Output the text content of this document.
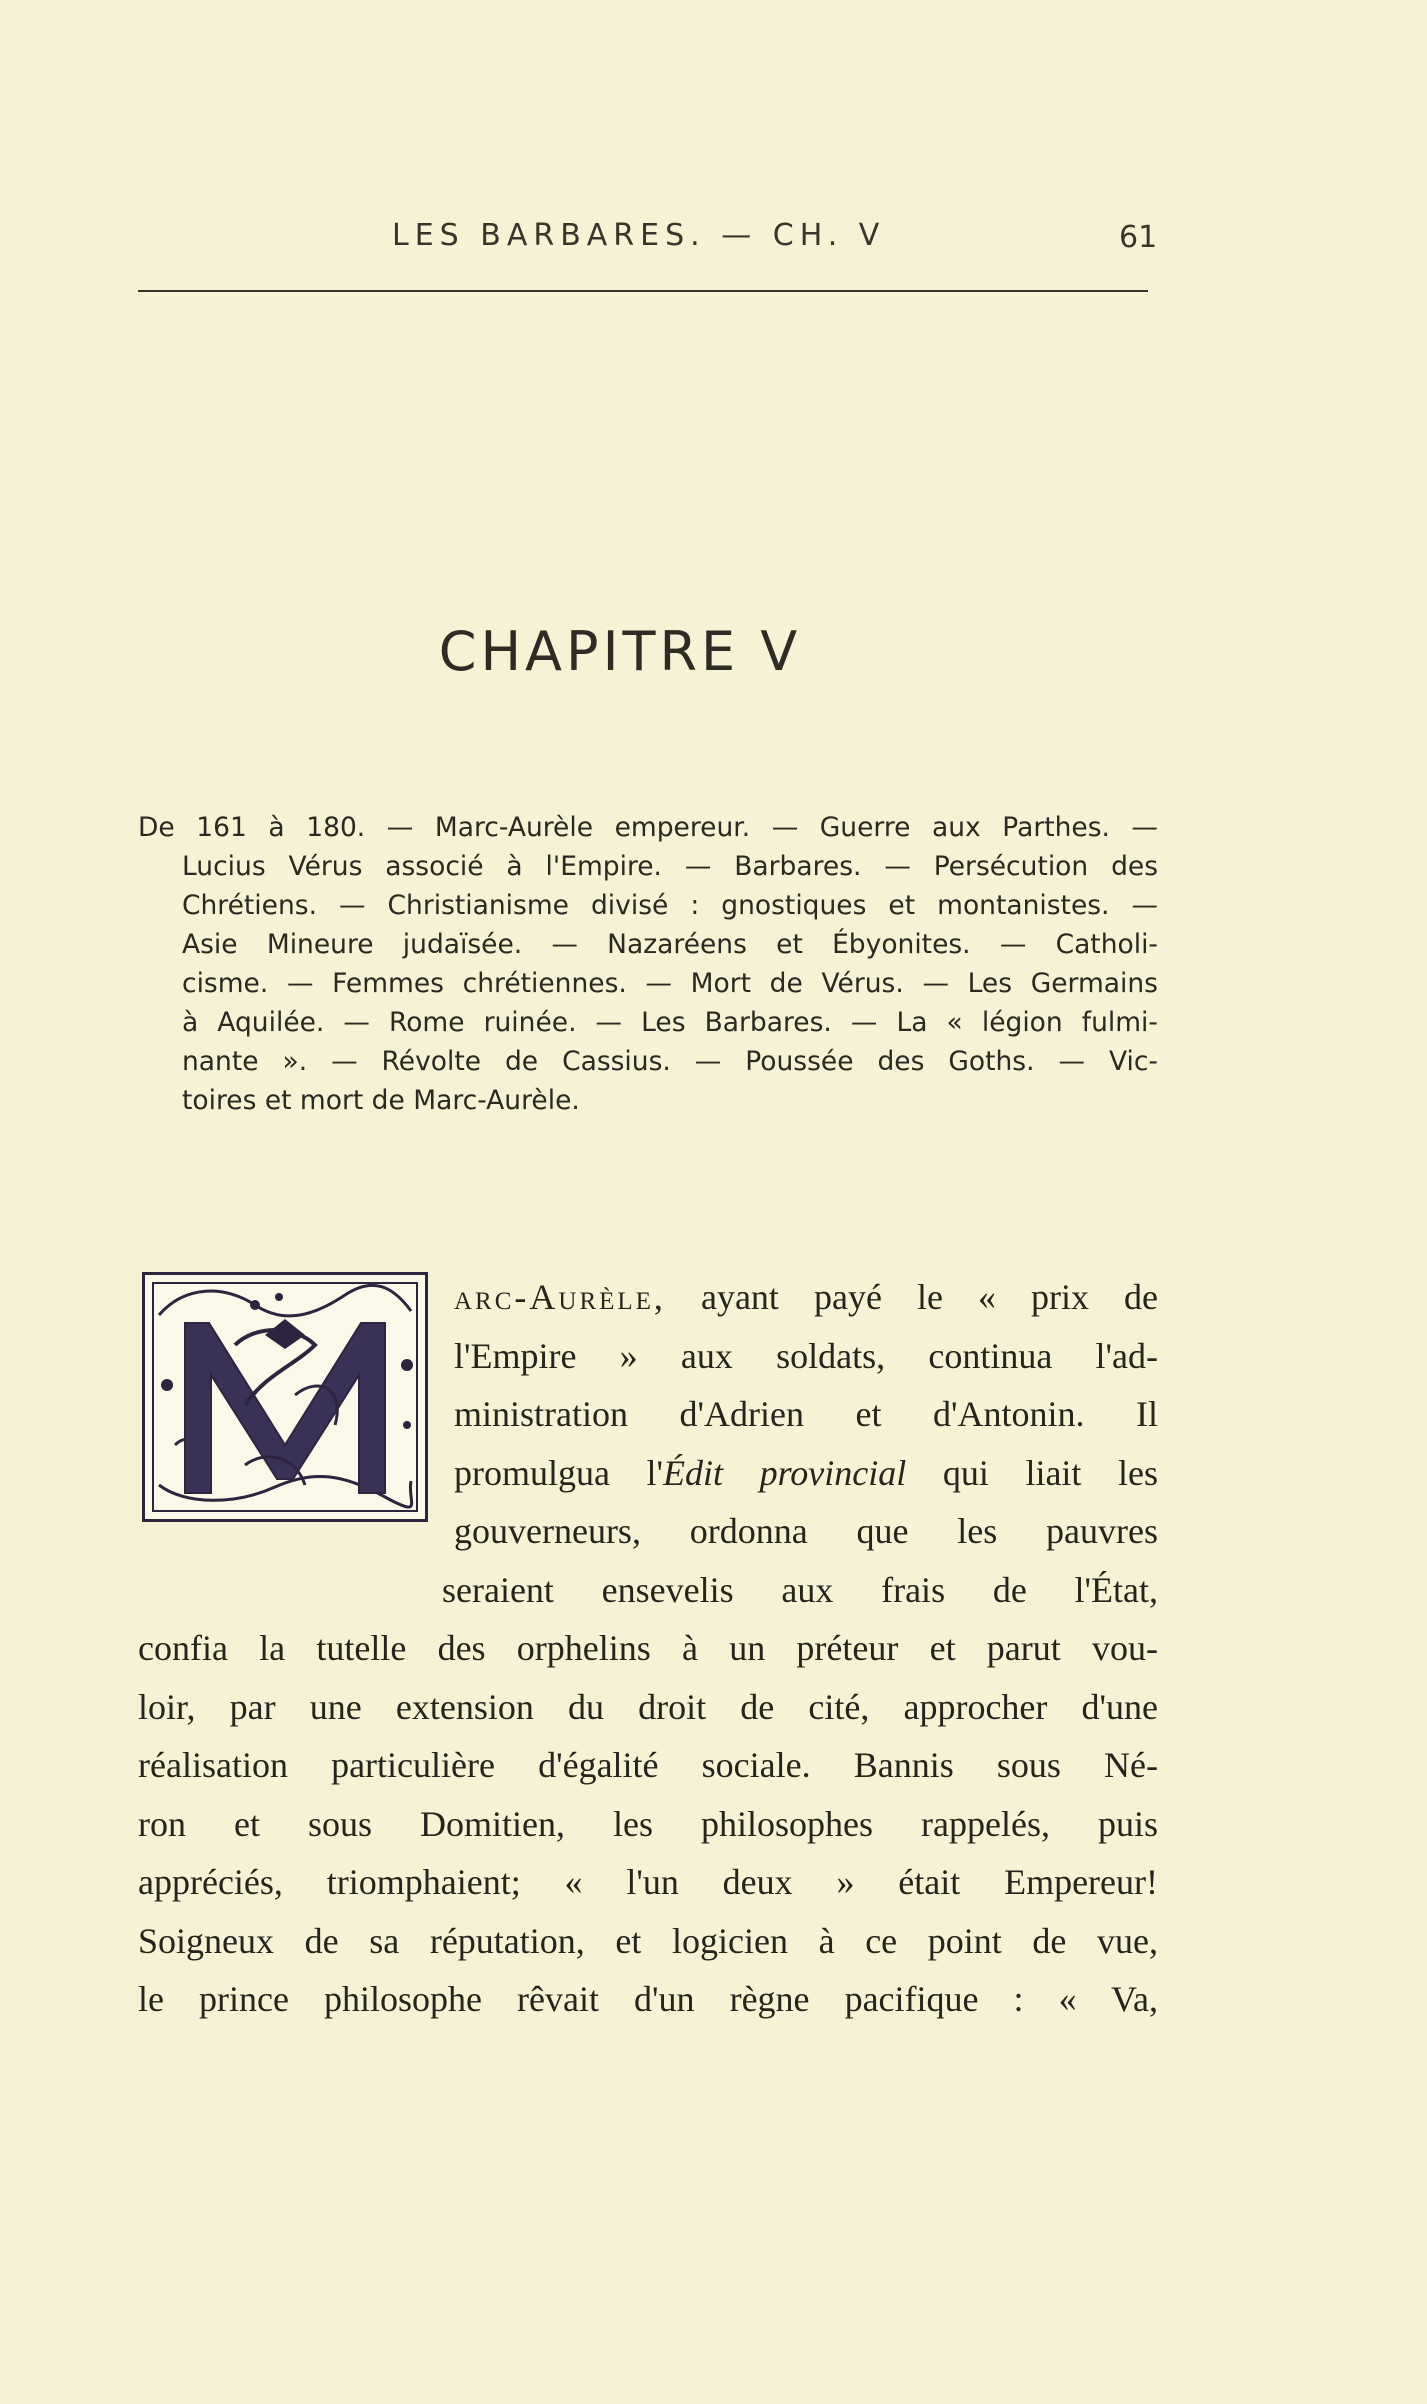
LES BARBARES. — CH. V	61
CHAPITRE V
De 161 à 180. — Marc-Aurèle empereur. — Guerre aux Parthes. —
Lucius Vérus associé à l'Empire. — Barbares. — Persécution des
Chrétiens. — Christianisme divisé : gnostiques et montanistes. —
Asie Mineure judaïsée. — Nazaréens et Ébyonites. — Catholi-
cisme. — Femmes chrétiennes. — Mort de Vérus. — Les Germains
à Aquilée. — Rome ruinée. — Les Barbares. — La « légion fulmi-
nante ». — Révolte de Cassius. — Poussée des Goths. — Vic-
toires et mort de Marc-Aurèle.
arc-Aurèle, ayant payé le « prix de
l'Empire » aux soldats, continua l'ad-
ministration d'Adrien et d'Antonin. Il
promulgua l'Édit provincial qui liait les
gouverneurs, ordonna que les pauvres
seraient ensevelis aux frais de l'État,
confia la tutelle des orphelins à un préteur et parut vou-
loir, par une extension du droit de cité, approcher d'une
réalisation particulière d'égalité sociale. Bannis sous Né-
ron et sous Domitien, les philosophes rappelés, puis
appréciés, triomphaient; « l'un deux » était Empereur!
Soigneux de sa réputation, et logicien à ce point de vue,
le prince philosophe rêvait d'un règne pacifique : « Va,
